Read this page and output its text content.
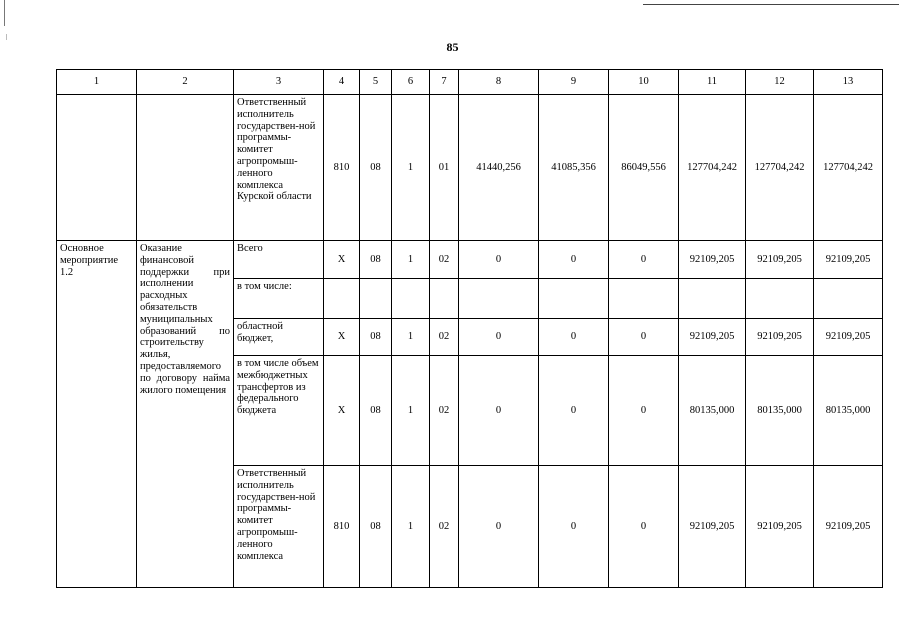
85
1	2	3	4	5	6	7	8	9	10	11	12	13
		Ответственный исполнитель государствен-ной программы-комитет агропромыш-ленного комплекса Курской области	810	08	1	01	41440,256	41085,356	86049,556	127704,242	127704,242	127704,242
Основное мероприятие 1.2	Оказание финансовой поддержки при исполнении расходных обязательств муниципальных образований по строительству жилья, предоставляемого по договору найма жилого помещения	Всего	Х	08	1	02	0	0	0	92109,205	92109,205	92109,205
		в том числе:										
		областной бюджет,	Х	08	1	02	0	0	0	92109,205	92109,205	92109,205
		в том числе объем межбюджетных трансфертов из федерального бюджета	Х	08	1	02	0	0	0	80135,000	80135,000	80135,000
		Ответственный исполнитель государствен-ной программы-комитет агропромыш-ленного комплекса	810	08	1	02	0	0	0	92109,205	92109,205	92109,205
